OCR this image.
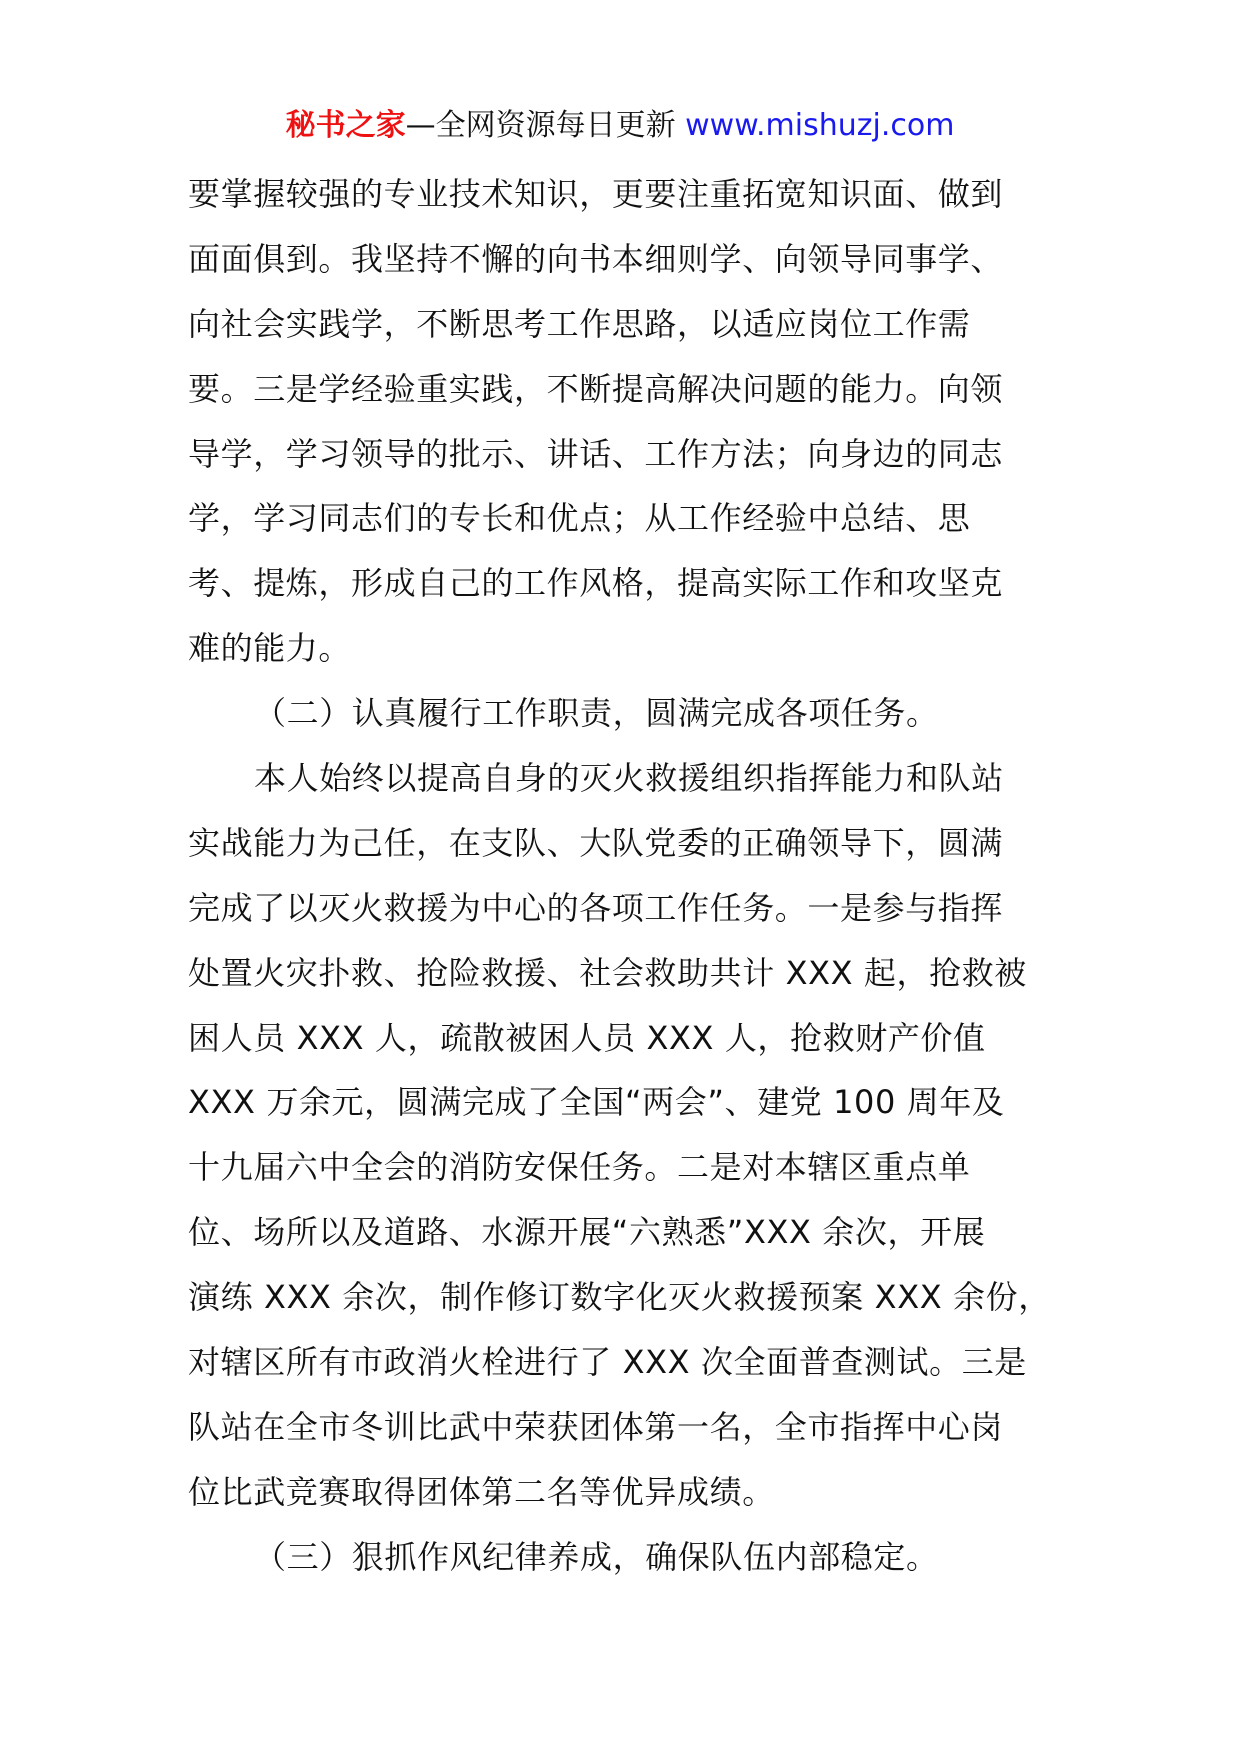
秘书之家—全网资源每日更新 www.mishuzj.com
要掌握较强的专业技术知识，更要注重拓宽知识面、做到
面面俱到。我坚持不懈的向书本细则学、向领导同事学、
向社会实践学，不断思考工作思路，以适应岗位工作需
要。三是学经验重实践，不断提高解决问题的能力。向领
导学，学习领导的批示、讲话、工作方法；向身边的同志
学，学习同志们的专长和优点；从工作经验中总结、思
考、提炼，形成自己的工作风格，提高实际工作和攻坚克
难的能力。
（二）认真履行工作职责，圆满完成各项任务。
本人始终以提高自身的灭火救援组织指挥能力和队站
实战能力为己任，在支队、大队党委的正确领导下，圆满
完成了以灭火救援为中心的各项工作任务。一是参与指挥
处置火灾扑救、抢险救援、社会救助共计 XXX 起，抢救被
困人员 XXX 人，疏散被困人员 XXX 人，抢救财产价值
XXX 万余元，圆满完成了全国“两会”、建党 100 周年及
十九届六中全会的消防安保任务。二是对本辖区重点单
位、场所以及道路、水源开展“六熟悉”XXX 余次，开展
演练 XXX 余次，制作修订数字化灭火救援预案 XXX 余份，
对辖区所有市政消火栓进行了 XXX 次全面普查测试。三是
队站在全市冬训比武中荣获团体第一名，全市指挥中心岗
位比武竞赛取得团体第二名等优异成绩。
（三）狠抓作风纪律养成，确保队伍内部稳定。
